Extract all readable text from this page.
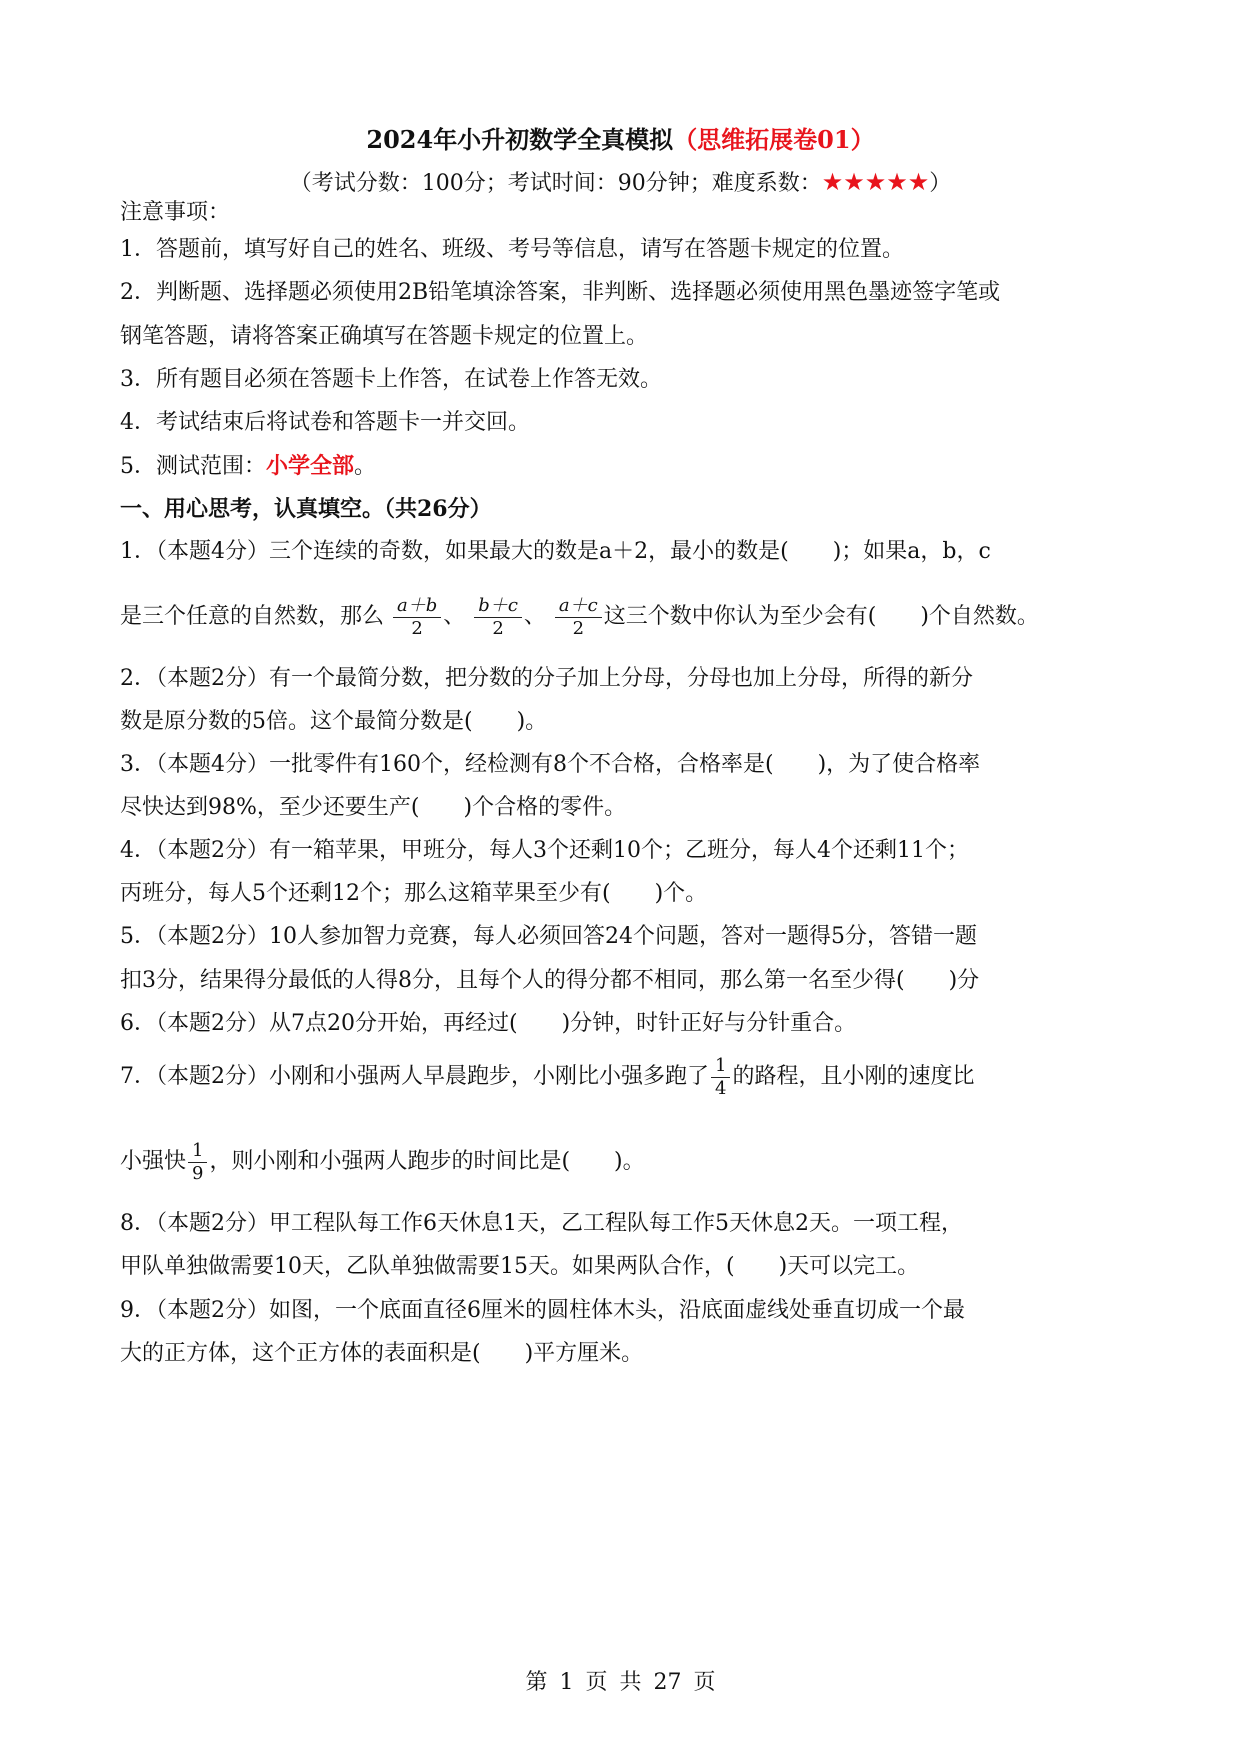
2024年小升初数学全真模拟（思维拓展卷01）
（考试分数：100分；考试时间：90分钟；难度系数：★★★★★）
注意事项：
1．答题前，填写好自己的姓名、班级、考号等信息，请写在答题卡规定的位置。
2．判断题、选择题必须使用2B铅笔填涂答案，非判断、选择题必须使用黑色墨迹签字笔或
钢笔答题，请将答案正确填写在答题卡规定的位置上。
3．所有题目必须在答题卡上作答，在试卷上作答无效。
4．考试结束后将试卷和答题卡一并交回。
5．测试范围：小学全部。
一、用心思考，认真填空。（共26分）
1．（本题4分）三个连续的奇数，如果最大的数是a＋2，最小的数是(　　)；如果a，b，c
是三个任意的自然数，那么 $\frac{a+b}{2}$ 、 $\frac{b+c}{2}$ 、 $\frac{a+c}{2}$ 这三个数中你认为至少会有(　　)个自然数。
2．（本题2分）有一个最简分数，把分数的分子加上分母，分母也加上分母，所得的新分
数是原分数的5倍。这个最简分数是(　　)。
3．（本题4分）一批零件有160个，经检测有8个不合格，合格率是(　　)，为了使合格率
尽快达到98%，至少还要生产(　　)个合格的零件。
4．（本题2分）有一箱苹果，甲班分，每人3个还剩10个；乙班分，每人4个还剩11个；
丙班分，每人5个还剩12个；那么这箱苹果至少有(　　)个。
5．（本题2分）10人参加智力竞赛，每人必须回答24个问题，答对一题得5分，答错一题
扣3分，结果得分最低的人得8分，且每个人的得分都不相同，那么第一名至少得(　　)分
6．（本题2分）从7点20分开始，再经过(　　)分钟，时针正好与分针重合。
7．（本题2分）小刚和小强两人早晨跑步，小刚比小强多跑了 $\frac{1}{4}$ 的路程，且小刚的速度比
小强快 $\frac{1}{9}$ ，则小刚和小强两人跑步的时间比是(　　)。
8．（本题2分）甲工程队每工作6天休息1天，乙工程队每工作5天休息2天。一项工程，
甲队单独做需要10天，乙队单独做需要15天。如果两队合作，(　　)天可以完工。
9．（本题2分）如图，一个底面直径6厘米的圆柱体木头，沿底面虚线处垂直切成一个最
大的正方体，这个正方体的表面积是(　　)平方厘米。
第 1 页 共 27 页
